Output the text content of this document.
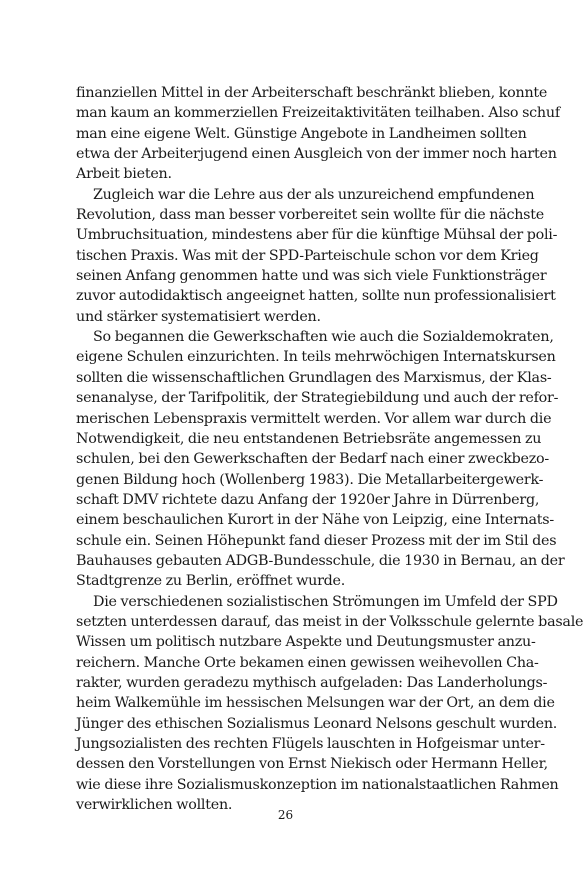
finanziellen Mittel in der Arbeiterschaft beschränkt blieben, konnte
man kaum an kommerziellen Freizeitaktivitäten teilhaben. Also schuf
man eine eigene Welt. Günstige Angebote in Landheimen sollten
etwa der Arbeiterjugend einen Ausgleich von der immer noch harten
Arbeit bieten.
Zugleich war die Lehre aus der als unzureichend empfundenen
Revolution, dass man besser vorbereitet sein wollte für die nächste
Umbruchsituation, mindestens aber für die künftige Mühsal der poli-
tischen Praxis. Was mit der SPD-Parteischule schon vor dem Krieg
seinen Anfang genommen hatte und was sich viele Funktionsträger
zuvor autodidaktisch angeeignet hatten, sollte nun professionalisiert
und stärker systematisiert werden.
So begannen die Gewerkschaften wie auch die Sozialdemokraten,
eigene Schulen einzurichten. In teils mehrwöchigen Internatskursen
sollten die wissenschaftlichen Grundlagen des Marxismus, der Klas-
senanalyse, der Tarifpolitik, der Strategiebildung und auch der refor-
merischen Lebenspraxis vermittelt werden. Vor allem war durch die
Notwendigkeit, die neu entstandenen Betriebsräte angemessen zu
schulen, bei den Gewerkschaften der Bedarf nach einer zweckbezo-
genen Bildung hoch (Wollenberg 1983). Die Metallarbeitergewerk-
schaft DMV richtete dazu Anfang der 1920er Jahre in Dürrenberg,
einem beschaulichen Kurort in der Nähe von Leipzig, eine Internats-
schule ein. Seinen Höhepunkt fand dieser Prozess mit der im Stil des
Bauhauses gebauten ADGB-Bundesschule, die 1930 in Bernau, an der
Stadtgrenze zu Berlin, eröffnet wurde.
Die verschiedenen sozialistischen Strömungen im Umfeld der SPD
setzten unterdessen darauf, das meist in der Volksschule gelernte basale
Wissen um politisch nutzbare Aspekte und Deutungsmuster anzu-
reichern. Manche Orte bekamen einen gewissen weihevollen Cha-
rakter, wurden geradezu mythisch aufgeladen: Das Landerholungs-
heim Walkemühle im hessischen Melsungen war der Ort, an dem die
Jünger des ethischen Sozialismus Leonard Nelsons geschult wurden.
Jungsozialisten des rechten Flügels lauschten in Hofgeismar unter-
dessen den Vorstellungen von Ernst Niekisch oder Hermann Heller,
wie diese ihre Sozialismuskonzeption im nationalstaatlichen Rahmen
verwirklichen wollten.
26
